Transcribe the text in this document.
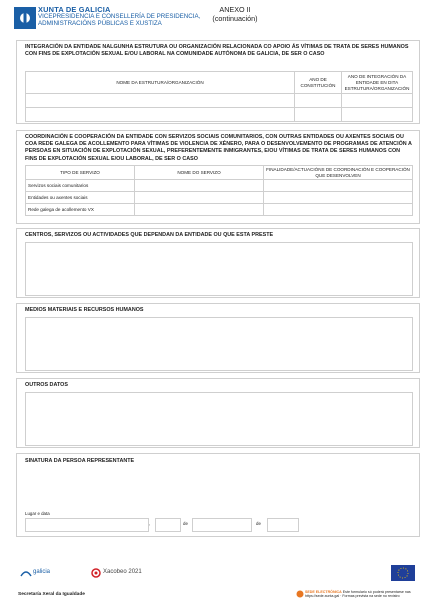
XUNTA DE GALICIA
VICEPRESIDENCIA E CONSELLERÍA DE PRESIDENCIA,
ADMINISTRACIÓNS PÚBLICAS E XUSTIZA
ANEXO II
(continuación)
INTEGRACIÓN DA ENTIDADE NALGUNHA ESTRUTURA OU ORGANIZACIÓN RELACIONADA CO APOIO ÁS VÍTIMAS DE TRATA DE SERES HUMANOS CON FINS DE EXPLOTACIÓN SEXUAL E/OU LABORAL NA COMUNIDADE AUTÓNOMA DE GALICIA, DE SER O CASO
NOME DA ESTRUTURA/ORGANIZACIÓN	ANO DE CONSTITUCIÓN	ANO DE INTEGRACIÓN DA ENTIDADE EN DITA ESTRUTURA/ORGANIZACIÓN

COORDINACIÓN E COOPERACIÓN DA ENTIDADE CON SERVIZOS SOCIAIS COMUNITARIOS, CON OUTRAS ENTIDADES OU AXENTES SOCIAIS OU COA REDE GALEGA DE ACOLLEMENTO PARA VÍTIMAS DE VIOLENCIA DE XÉNERO, PARA O DESENVOLVEMENTO DE PROGRAMAS DE ATENCIÓN A PERSOAS EN SITUACIÓN DE EXPLOTACIÓN SEXUAL, PREFERENTEMENTE INMIGRANTES, E/OU VÍTIMAS DE TRATA DE SERES HUMANOS CON FINS DE EXPLOTACIÓN SEXUAL E/OU LABORAL, DE SER O CASO
TIPO DE SERVIZO	NOME DO SERVIZO	FINALIDADE/ACTUACIÓNS DE COORDINACIÓN E COOPERACIÓN QUE DESENVOLVEN
Servizos sociais comunitarios		
Entidades ou axentes sociais		
Rede galega de acollemento VX		
CENTROS, SERVIZOS OU ACTIVIDADES QUE DEPENDAN DA ENTIDADE OU QUE ESTA PRESTE
MEDIOS MATERIAIS E RECURSOS HUMANOS
OUTROS DATOS
SINATURA DA PERSOA REPRESENTANTE
Lugar e data
,	de	de
galicia	Xacobeo 2021
Secretaría Xeral da Igualdade	SEDE ELECTRÓNICA Este formulario só poderá presentarse nas
https://sede.xunta.gal · Formas prevista na sede no rexistro
